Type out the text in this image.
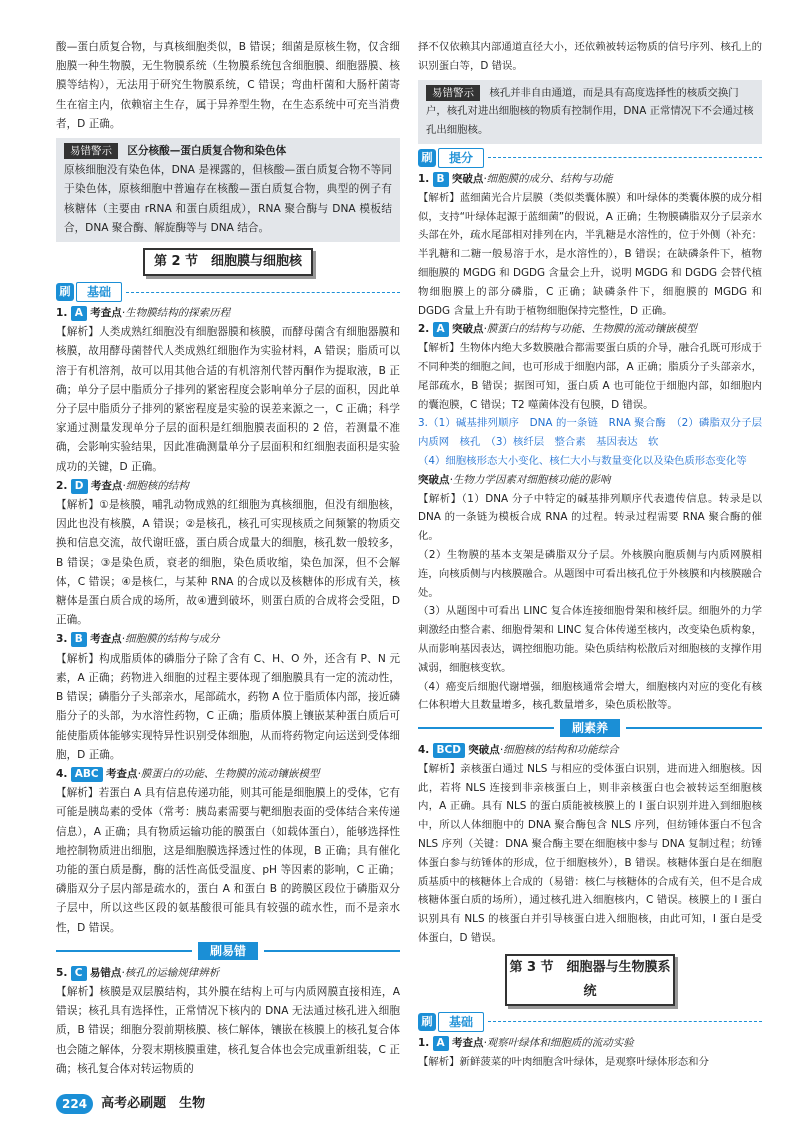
酸—蛋白质复合物，与真核细胞类似，B 错误；细菌是原核生物，仅含细胞膜一种生物膜，无生物膜系统（生物膜系统包含细胞膜、细胞器膜、核膜等结构），无法用于研究生物膜系统，C 错误；弯曲杆菌和大肠杆菌寄生在宿主内，依赖宿主生存，属于异养型生物，在生态系统中可充当消费者，D 正确。

易错警示 区分核酸—蛋白质复合物和染色体

原核细胞没有染色体，DNA 是裸露的，但核酸—蛋白质复合物不等同于染色体，原核细胞中普遍存在核酸—蛋白质复合物，典型的例子有核糖体（主要由 rRNA 和蛋白质组成），RNA 聚合酶与 DNA 模板结合，DNA 聚合酶、解旋酶等与 DNA 结合。

第 2 节　细胞膜与细胞核
刷	基础
1. A 考查点·生物膜结构的探索历程

【解析】人类成熟红细胞没有细胞器膜和核膜，而酵母菌含有细胞器膜和核膜，故用酵母菌替代人类成熟红细胞作为实验材料，A 错误；脂质可以溶于有机溶剂，故可以用其他合适的有机溶剂代替丙酮作为提取液，B 正确；单分子层中脂质分子排列的紧密程度会影响单分子层的面积，因此单分子层中脂质分子排列的紧密程度是实验的误差来源之一，C 正确；科学家通过测量发现单分子层的面积是红细胞膜表面积的 2 倍，若测量不准确，会影响实验结果，因此准确测量单分子层面积和红细胞表面积是实验成功的关键，D 正确。

2. D 考查点·细胞核的结构

【解析】①是核膜，哺乳动物成熟的红细胞为真核细胞，但没有细胞核，因此也没有核膜，A 错误；②是核孔，核孔可实现核质之间频繁的物质交换和信息交流，故代谢旺盛，蛋白质合成量大的细胞，核孔数一般较多，B 错误；③是染色质，衰老的细胞，染色质收缩，染色加深，但不会解体，C 错误；④是核仁，与某种 RNA 的合成以及核糖体的形成有关，核糖体是蛋白质合成的场所，故④遭到破坏，则蛋白质的合成将会受阻，D 正确。

3. B 考查点·细胞膜的结构与成分

【解析】构成脂质体的磷脂分子除了含有 C、H、O 外，还含有 P、N 元素，A 正确；药物进入细胞的过程主要体现了细胞膜具有一定的流动性，B 错误；磷脂分子头部亲水，尾部疏水，药物 A 位于脂质体内部，接近磷脂分子的头部，为水溶性药物，C 正确；脂质体膜上镶嵌某种蛋白质后可能使脂质体能够实现特异性识别受体细胞，从而将药物定向运送到受体细胞，D 正确。

4. ABC 考查点·膜蛋白的功能、生物膜的流动镶嵌模型

【解析】若蛋白 A 具有信息传递功能，则其可能是细胞膜上的受体，它有可能是胰岛素的受体（常考：胰岛素需要与靶细胞表面的受体结合来传递信息），A 正确；具有物质运输功能的膜蛋白（如载体蛋白），能够选择性地控制物质进出细胞，这是细胞膜选择透过性的体现，B 正确；具有催化功能的蛋白质是酶，酶的活性高低受温度、pH 等因素的影响，C 正确；磷脂双分子层内部是疏水的，蛋白 A 和蛋白 B 的跨膜区段位于磷脂双分子层中，所以这些区段的氨基酸很可能具有较强的疏水性，而不是亲水性，D 错误。

刷易错
5. C 易错点·核孔的运输规律辨析

【解析】核膜是双层膜结构，其外膜在结构上可与内质网膜直接相连，A 错误；核孔具有选择性，正常情况下核内的 DNA 无法通过核孔进入细胞质，B 错误；细胞分裂前期核膜、核仁解体，镶嵌在核膜上的核孔复合体也会随之解体，分裂末期核膜重建，核孔复合体也会完成重新组装，C 正确；核孔复合体对转运物质的

择不仅依赖其内部通道直径大小，还依赖被转运物质的信号序列、核孔上的识别蛋白等，D 错误。

易错警示 核孔并非自由通道，而是具有高度选择性的核质交换门户，核孔对进出细胞核的物质有控制作用，DNA 正常情况下不会通过核孔出细胞核。
刷	提分
1. B 突破点·细胞膜的成分、结构与功能

【解析】蓝细菌光合片层膜（类似类囊体膜）和叶绿体的类囊体膜的成分相似，支持“叶绿体起源于蓝细菌”的假说，A 正确；生物膜磷脂双分子层亲水头部在外，疏水尾部相对排列在内，半乳糖是水溶性的，位于外侧（补充：半乳糖和二糖一般易溶于水，是水溶性的），B 错误；在缺磷条件下，植物细胞膜的 MGDG 和 DGDG 含量会上升，说明 MGDG 和 DGDG 会替代植物细胞膜上的部分磷脂，C 正确；缺磷条件下，细胞膜的 MGDG 和 DGDG 含量上升有助于植物细胞保持完整性，D 正确。

2. A 突破点·膜蛋白的结构与功能、生物膜的流动镶嵌模型

【解析】生物体内绝大多数膜融合都需要蛋白质的介导，融合孔既可形成于不同种类的细胞之间，也可形成于细胞内部，A 正确；脂质分子头部亲水，尾部疏水，B 错误；据图可知，蛋白质 A 也可能位于细胞内部，如细胞内的囊泡膜，C 错误；T2 噬菌体没有包膜，D 错误。

3.（1）碱基排列顺序　DNA 的一条链　RNA 聚合酶　（2）磷脂双分子层　内质网　核孔　（3）核纤层　整合素　基因表达　软

（4）细胞核形态大小变化、核仁大小与数量变化以及染色质形态变化等

突破点·生物力学因素对细胞核功能的影响

【解析】（1）DNA 分子中特定的碱基排列顺序代表遗传信息。转录是以 DNA 的一条链为模板合成 RNA 的过程。转录过程需要 RNA 聚合酶的催化。

（2）生物膜的基本支架是磷脂双分子层。外核膜向胞质侧与内质网膜相连，向核质侧与内核膜融合。从题图中可看出核孔位于外核膜和内核膜融合处。

（3）从题图中可看出 LINC 复合体连接细胞骨架和核纤层。细胞外的力学刺激经由整合素、细胞骨架和 LINC 复合体传递至核内，改变染色质构象，从而影响基因表达，调控细胞功能。染色质结构松散后对细胞核的支撑作用减弱，细胞核变软。

（4）癌变后细胞代谢增强，细胞核通常会增大，细胞核内对应的变化有核仁体积增大且数量增多，核孔数量增多，染色质松散等。

刷素养
4. BCD 突破点·细胞核的结构和功能综合

【解析】亲核蛋白通过 NLS 与相应的受体蛋白识别，进而进入细胞核。因此，若将 NLS 连接到非亲核蛋白上，则非亲核蛋白也会被转运至细胞核内，A 正确。具有 NLS 的蛋白质能被核膜上的 I 蛋白识别并进入到细胞核中，所以人体细胞中的 DNA 聚合酶包含 NLS 序列，但纺锤体蛋白不包含 NLS 序列（关键：DNA 聚合酶主要在细胞核中参与 DNA 复制过程；纺锤体蛋白参与纺锤体的形成，位于细胞核外），B 错误。核糖体蛋白是在细胞质基质中的核糖体上合成的（易错：核仁与核糖体的合成有关，但不是合成核糖体蛋白质的场所），通过核孔进入细胞核内，C 错误。核膜上的 I 蛋白识别具有 NLS 的核蛋白并引导核蛋白进入细胞核，由此可知，I 蛋白是受体蛋白，D 错误。

第 3 节　细胞器与生物膜系统
刷	基础
1. A 考查点·观察叶绿体和细胞质的流动实验

【解析】新鲜菠菜的叶肉细胞含叶绿体，是观察叶绿体形态和分

224	高考必刷题　生物
